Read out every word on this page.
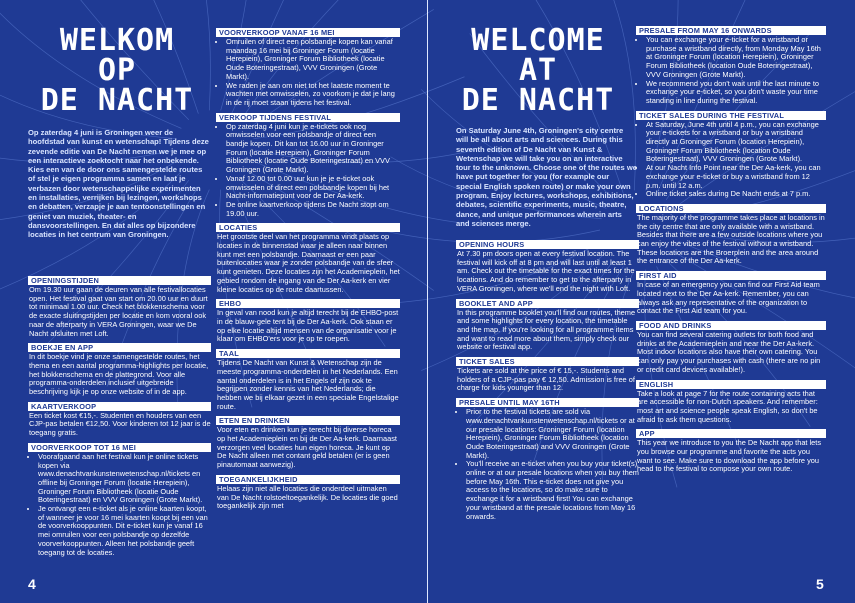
WELKOM
OP
DE NACHT
Op zaterdag 4 juni is Groningen weer de hoofdstad van kunst en wetenschap! Tijdens deze zevende editie van De Nacht nemen we je mee op een interactieve zoektocht naar het onbekende. Kies een van de door ons samengestelde routes of stel je eigen programma samen en laat je verbazen door wetenschappelijke experimenten en installaties, verrijken bij lezingen, workshops en debatten, verzapje je aan tentoonstellingen en geniet van muziek, theater- en dansvoorstellingen. En dat alles op bijzondere locaties in het centrum van Groningen.
OPENINGSTIJDEN

Om 19.30 uur gaan de deuren van alle festivallocaties open. Het festival gaat van start om 20.00 uur en duurt tot minimaal 1.00 uur. Check het blokkenschema voor de exacte sluitingstijden per locatie en kom vooral ook naar de afterparty in VERA Groningen, waar we De Nacht afsluiten met Loft.

BOEKJE EN APP

In dit boekje vind je onze samengestelde routes, het thema en een aantal programma-highlights per locatie, het blokkenschema en de plattegrond. Voor alle programma-onderdelen inclusief uitgebreide beschrijving kijk je op onze website of in de app.

KAARTVERKOOP

Een ticket kost €15,-. Studenten en houders van een CJP-pas betalen €12,50. Voor kinderen tot 12 jaar is de toegang gratis.

VOORVERKOOP TOT 16 MEI
• Voorafgaand aan het festival kun je online tickets kopen via www.denachtvankunstenwetenschap.nl/tickets en offline bij Groninger Forum (locatie Herepiein), Groninger Forum Bibliotheek (locatie Oude Boteringestraat) en VVV Groningen (Grote Markt).
• Je ontvangt een e-ticket als je online kaarten koopt, of wanneer je voor 16 mei kaarten koopt bij een van de voorverkooppunten. Dit e-ticket kun je vanaf 16 mei omruilen voor een polsbandje op dezelfde voorverkooppunten. Alleen het polsbandje geeft toegang tot de locaties.
VOORVERKOOP VANAF 16 MEI
• Omruilen of direct een polsbandje kopen kan vanaf maandag 16 mei bij Groninger Forum (locatie Herepiein), Groninger Forum Bibliotheek (locatie Oude Boteringestraat), VVV Groningen (Grote Markt).
• We raden je aan om niet tot het laatste moment te wachten met omwisselen, zo voorkom je dat je lang in de rij moet staan tijdens het festival.
VERKOOP TIJDENS FESTIVAL
• Op zaterdag 4 juni kun je e-tickets ook nog omwisselen voor een polsbandje of direct een bandje kopen. Dit kan tot 16.00 uur in Groninger Forum (locatie Herepiein), Groninger Forum Bibliotheek (locatie Oude Boteringestraat) en VVV Groningen (Grote Markt).
• Vanaf 12.00 tot 0.00 uur kun je je e-ticket ook omwisselen of direct een polsbandje kopen bij het Nacht-informatiepunt voor de Der Aa-kerk.
• De online kaartverkoop tijdens De Nacht stopt om 19.00 uur.
LOCATIES

Het grootste deel van het programma vindt plaats op locaties in de binnenstad waar je alleen naar binnen kunt met een polsbandje. Daarnaast er een paar buitenlocaties waar je zonder polsbandje van de sfeer kunt genieten. Deze locaties zijn het Academieplein, het gebied rondom de ingang van de Der Aa-kerk en vier kleine locaties op de route daartussen.

EHBO

In geval van nood kun je altijd terecht bij de EHBO-post in de blauw-gele tent bij de Der Aa-kerk. Ook staan er op elke locatie altijd mensen van de organisatie voor je klaar om EHBO'ers voor je op te roepen.

TAAL

Tijdens De Nacht van Kunst & Wetenschap zijn de meeste programma-onderdelen in het Nederlands. Een aantal onderdelen is in het Engels of zijn ook te begrijpen zonder kennis van het Nederlands; die hebben we bij elkaar gezet in een speciale Engelstalige route.

ETEN EN DRINKEN

Voor eten en drinken kun je terecht bij diverse horeca op het Academieplein en bij de Der Aa-kerk. Daarnaast verzorgen veel locaties hun eigen horeca. Je kunt op De Nacht alleen met contant geld betalen (er is geen pinautomaat aanwezig).

TOEGANKELIJKHEID

Helaas zijn niet alle locaties die onderdeel uitmaken van De Nacht rolstoeltoegankelijk. De locaties die goed toegankelijk zijn met

4
WELCOME
AT
DE NACHT
On Saturday June 4th, Groningen's city centre will be all about arts and sciences. During this seventh edition of De Nacht van Kunst & Wetenschap we will take you on an interactive tour to the unknown. Choose one of the routes we have put together for you (for example our special English spoken route) or make your own program. Enjoy lectures, workshops, exhibitions, debates, scientific experiments, music, theatre, dance, and unique performances wherein arts and sciences merge.
OPENING HOURS

At 7.30 pm doors open at every festival location. The festival will kick off at 8 pm and will last until at least 1 am. Check out the timetable for the exact times for the locations. And do remember to get to the afterparty in VERA Groningen, where we'll end the night with Loft.

BOOKLET AND APP

In this programme booklet you'll find our routes, theme and some highlights for every location, the timetable and the map. If you're looking for all programme items and want to read more about them, simply check our website or festival app.

TICKET SALES

Tickets are sold at the price of € 15,-. Students and holders of a CJP-pas pay € 12,50. Admission is free of charge for kids younger than 12.

PRESALE UNTIL MAY 16TH
• Prior to the festival tickets are sold via www.denachtvankunstenwetenschap.nl/tickets or at our presale locations: Groninger Forum (location Herepiein), Groninger Forum Bibliotheek (location Oude Boteringestraat) and VVV Groningen (Grote Markt).
• You'll receive an e-ticket when you buy your ticket(s) online or at our presale locations when you buy them before May 16th. This e-ticket does not give you access to the locations, so do make sure to exchange it for a wristband first! You can exchange your wristband at the presale locations from May 16 onwards.
PRESALE FROM MAY 16 ONWARDS
• You can exchange your e-ticket for a wristband or purchase a wristband directly, from Monday May 16th at Groninger Forum (location Herepiein), Groninger Forum Bibliotheek (location Oude Boteringestraat), VVV Groningen (Grote Markt).
• We recommend you don't wait until the last minute to exchange your e-ticket, so you don't waste your time standing in line during the festival.
TICKET SALES DURING THE FESTIVAL
• At Saturday, June 4th until 4 p.m., you can exchange your e-tickets for a wristband or buy a wristband directly at Groninger Forum (location Herepiein), Groninger Forum Bibliotheek (location Oude Boteringestraat), VVV Groningen (Grote Markt).
• At our Nacht Info Point near the Der Aa-kerk, you can exchange your e-ticket or buy a wristband from 12 p.m. until 12 a.m.
• Online ticket sales during De Nacht ends at 7 p.m.
LOCATIONS

The majority of the programme takes place at locations in the city centre that are only available with a wristband. Besides that there are a few outside locations where you can enjoy the vibes of the festival without a wristband. These locations are the Broerplein and the area around the entrance of the Der Aa-kerk.

FIRST AID

In case of an emergency you can find our First Aid team located next to the Der Aa-kerk. Remember, you can always ask any representative of the organization to contact the First Aid team for you.

FOOD AND DRINKS

You can find several catering outlets for both food and drinks at the Academieplein and near the Der Aa-kerk. Most indoor locations also have their own catering. You can only pay your purchases with cash (there are no pin or credit card devices available!).

ENGLISH

Take a look at page 7 for the route containing acts that are accessible for non-Dutch speakers. And remember: most art and science people speak English, so don't be afraid to ask them questions.

APP

This year we introduce to you the De Nacht app that lets you browse our programme and favorite the acts you want to see. Make sure to download the app before you head to the festival to compose your own route.

5
